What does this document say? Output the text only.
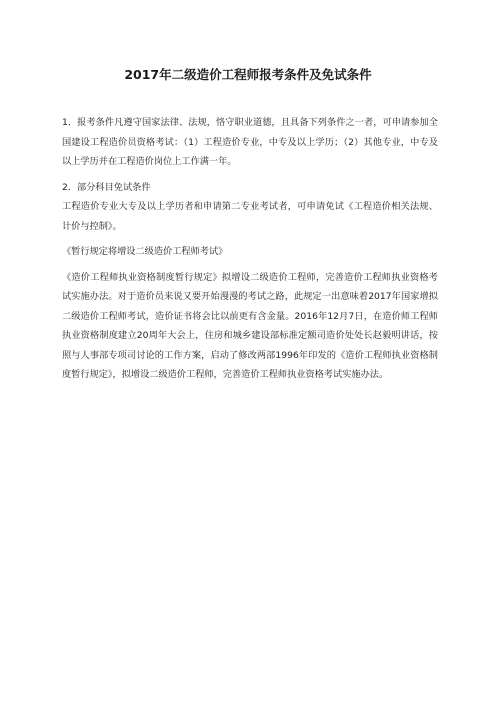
2017年二级造价工程师报考条件及免试条件

1．报考条件凡遵守国家法律、法规，恪守职业道德，且具备下列条件之一者，可申请参加全国建设工程造价员资格考试：（1）工程造价专业，中专及以上学历；（2）其他专业，中专及以上学历并在工程造价岗位上工作满一年。

2．部分科目免试条件

工程造价专业大专及以上学历者和申请第二专业考试者，可申请免试《工程造价相关法规、计价与控制》。

《暂行规定将增设二级造价工程师考试》

《造价工程师执业资格制度暂行规定》拟增设二级造价工程师，完善造价工程师执业资格考试实施办法。对于造价员来说又要开始漫漫的考试之路，此规定一出意味着2017年国家增拟二级造价工程师考试，造价证书将会比以前更有含金量。2016年12月7日，在造价师工程师执业资格制度建立20周年大会上，住房和城乡建设部标准定额司造价处处长赵毅明讲话，按照与人事部专项司讨论的工作方案，启动了修改两部1996年印发的《造价工程师执业资格制度暂行规定》，拟增设二级造价工程师，完善造价工程师执业资格考试实施办法。
